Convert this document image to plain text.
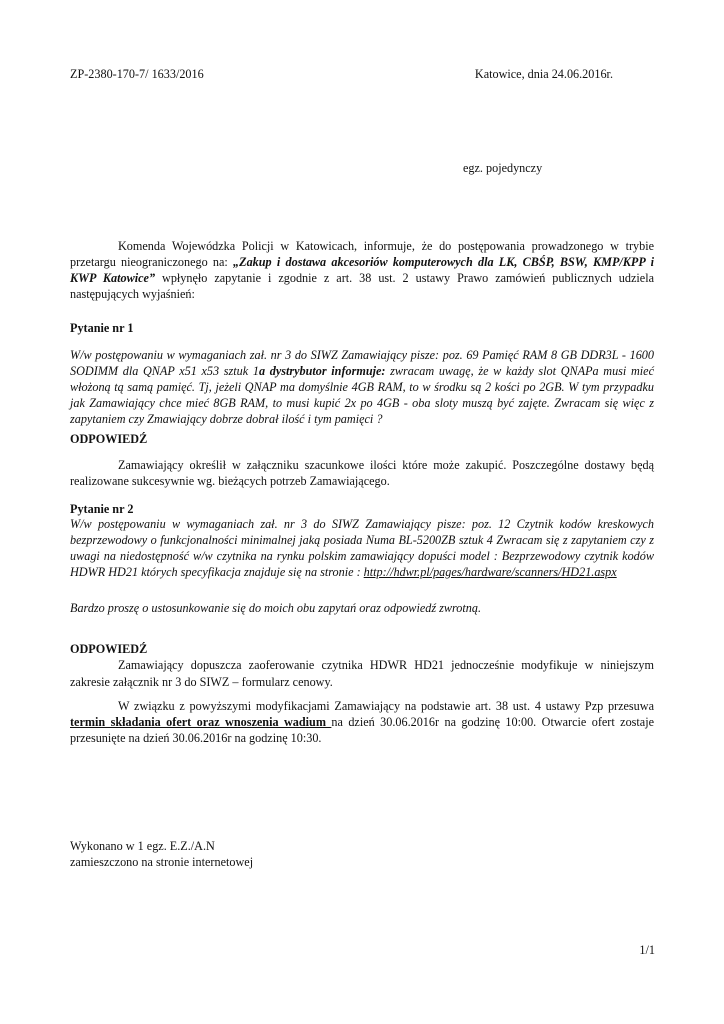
ZP-2380-170-7/ 1633/2016	Katowice, dnia 24.06.2016r.
egz. pojedynczy
Komenda Wojewódzka Policji w Katowicach, informuje, że do postępowania prowadzonego w trybie przetargu nieograniczonego na: „Zakup i dostawa akcesoriów komputerowych dla LK, CBŚP, BSW, KMP/KPP i KWP Katowice” wpłynęło zapytanie i zgodnie z art. 38 ust. 2 ustawy Prawo zamówień publicznych udziela następujących wyjaśnień:
Pytanie nr 1
W/w postępowaniu w wymaganiach zał. nr 3 do SIWZ Zamawiający pisze: poz. 69 Pamięć RAM 8 GB DDR3L - 1600 SODIMM dla QNAP x51 x53 sztuk 1a dystrybutor informuje: zwracam uwagę, że w każdy slot QNAPa musi mieć włożoną tą samą pamięć. Tj, jeżeli QNAP ma domyślnie 4GB RAM, to w środku są 2 kości po 2GB. W tym przypadku jak Zamawiający chce mieć 8GB RAM, to musi kupić 2x po 4GB - oba sloty muszą być zajęte. Zwracam się więc z zapytaniem czy Zmawiający dobrze dobrał ilość i tym pamięci ?
ODPOWIEDŹ
Zamawiający określił w załączniku szacunkowe ilości które może zakupić. Poszczególne dostawy będą realizowane sukcesywnie wg. bieżących potrzeb Zamawiającego.
Pytanie nr 2
W/w postępowaniu w wymaganiach zał. nr 3 do SIWZ Zamawiający pisze: poz. 12 Czytnik kodów kreskowych bezprzewodowy o funkcjonalności minimalnej jaką posiada Numa BL-5200ZB sztuk 4 Zwracam się z zapytaniem czy z uwagi na niedostępność w/w czytnika na rynku polskim zamawiający dopuści model : Bezprzewodowy czytnik kodów HDWR HD21 których specyfikacja znajduje się na stronie : http://hdwr.pl/pages/hardware/scanners/HD21.aspx
Bardzo proszę o ustosunkowanie się do moich obu zapytań oraz odpowiedź zwrotną.
ODPOWIEDŹ
Zamawiający dopuszcza zaoferowanie czytnika HDWR HD21 jednocześnie modyfikuje w niniejszym zakresie załącznik nr 3 do SIWZ – formularz cenowy.
W związku z powyższymi modyfikacjami Zamawiający na podstawie art. 38 ust. 4 ustawy Pzp przesuwa termin składania ofert oraz wnoszenia wadium na dzień 30.06.2016r na godzinę 10:00. Otwarcie ofert zostaje przesunięte na dzień 30.06.2016r na godzinę 10:30.
Wykonano w 1 egz. E.Z./A.N
zamieszczono na stronie internetowej
1/1
